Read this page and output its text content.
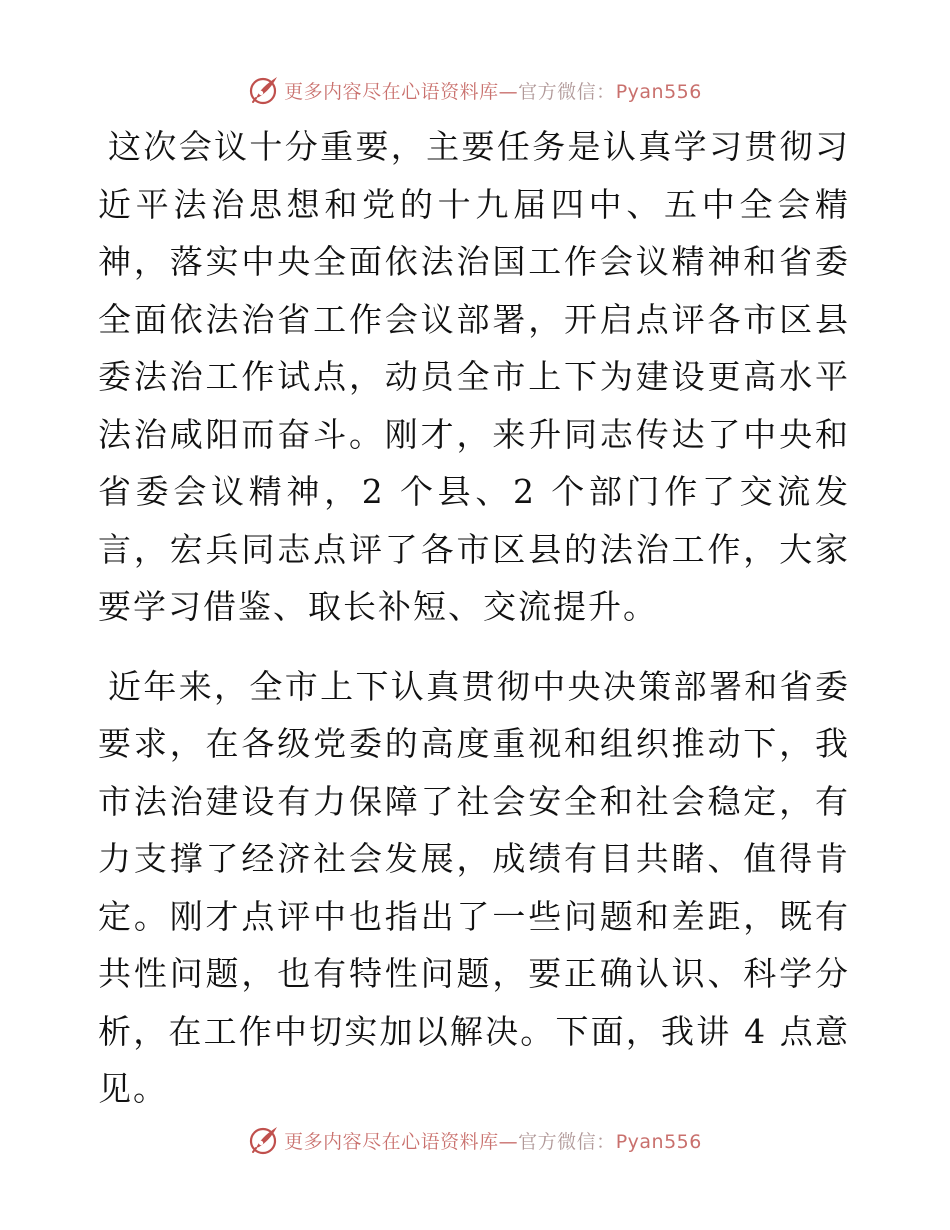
更多内容尽在心语资料库—官方微信：Pyan556

这次会议十分重要，主要任务是认真学习贯彻习近平法治思想和党的十九届四中、五中全会精神，落实中央全面依法治国工作会议精神和省委全面依法治省工作会议部署，开启点评各市区县委法治工作试点，动员全市上下为建设更高水平法治咸阳而奋斗。刚才，来升同志传达了中央和省委会议精神，2 个县、2 个部门作了交流发言，宏兵同志点评了各市区县的法治工作，大家要学习借鉴、取长补短、交流提升。

近年来，全市上下认真贯彻中央决策部署和省委要求，在各级党委的高度重视和组织推动下，我市法治建设有力保障了社会安全和社会稳定，有力支撑了经济社会发展，成绩有目共睹、值得肯定。刚才点评中也指出了一些问题和差距，既有共性问题，也有特性问题，要正确认识、科学分析，在工作中切实加以解决。下面，我讲 4 点意见。

更多内容尽在心语资料库—官方微信：Pyan556
